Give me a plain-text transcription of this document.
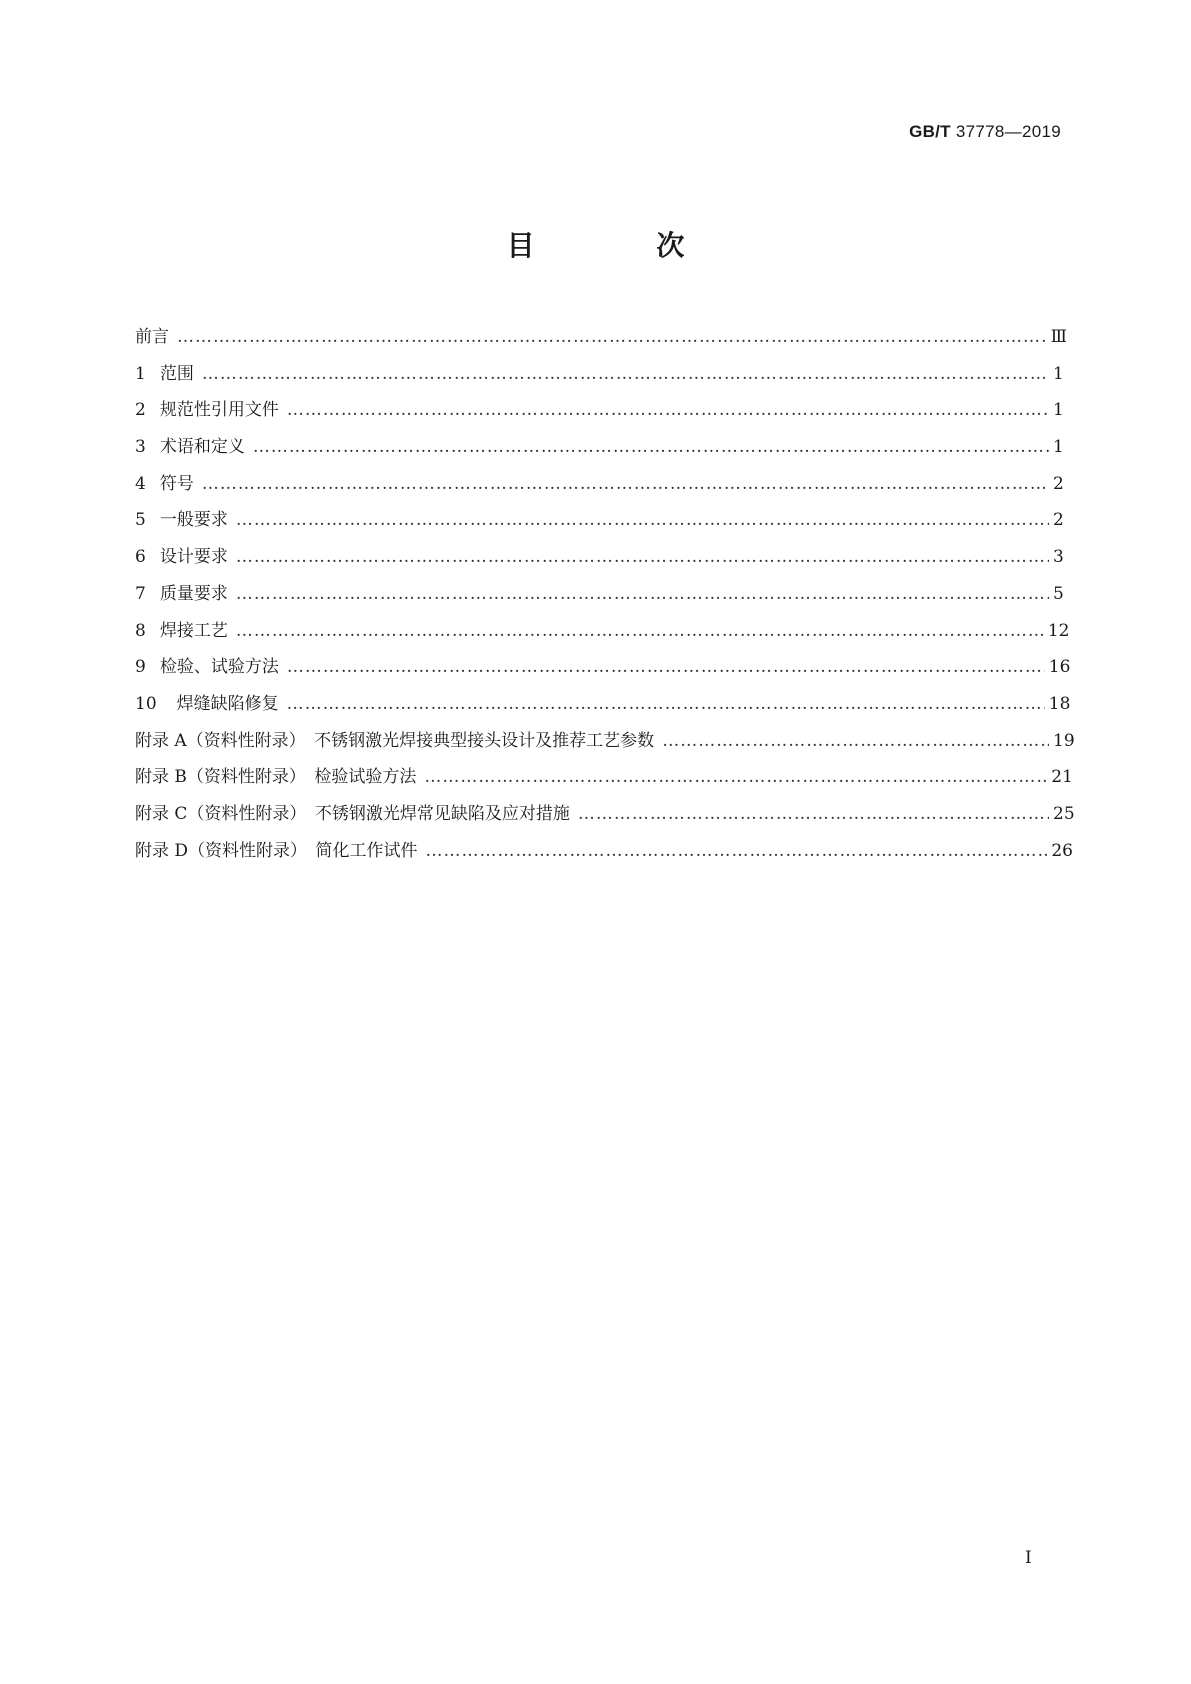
GB/T 37778—2019
目 次
前言 …………………………………………………………………………………………………………………………………………………………………………	Ⅲ
1 范围 …………………………………………………………………………………………………………………………………………………………………………	1
2 规范性引用文件 …………………………………………………………………………………………………………………………………………………………………………	1
3 术语和定义 …………………………………………………………………………………………………………………………………………………………………………	1
4 符号 …………………………………………………………………………………………………………………………………………………………………………	2
5 一般要求 …………………………………………………………………………………………………………………………………………………………………………	2
6 设计要求 …………………………………………………………………………………………………………………………………………………………………………	3
7 质量要求 …………………………………………………………………………………………………………………………………………………………………………	5
8 焊接工艺 …………………………………………………………………………………………………………………………………………………………………………	12
9 检验、试验方法 …………………………………………………………………………………………………………………………………………………………………………	16
10 焊缝缺陷修复 …………………………………………………………………………………………………………………………………………………………………………	18
附录 A（资料性附录）　不锈钢激光焊接典型接头设计及推荐工艺参数 …………………………………………………………………………………………………………………………………………………………………………	19
附录 B（资料性附录）　检验试验方法 …………………………………………………………………………………………………………………………………………………………………………	21
附录 C（资料性附录）　不锈钢激光焊常见缺陷及应对措施 …………………………………………………………………………………………………………………………………………………………………………	25
附录 D（资料性附录）　简化工作试件 …………………………………………………………………………………………………………………………………………………………………………	26
I
